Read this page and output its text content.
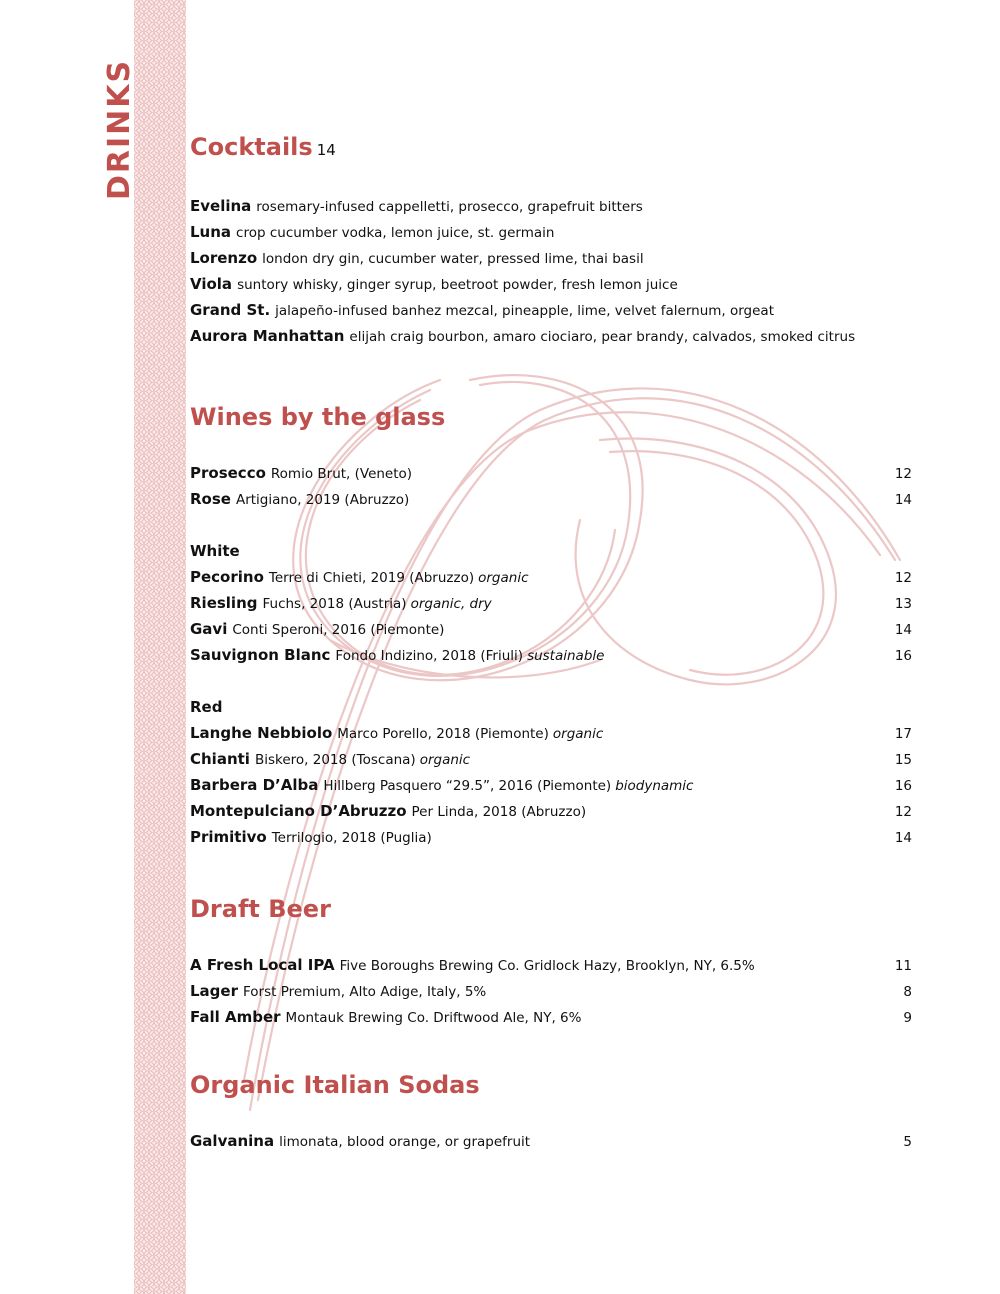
DRINKS Cocktails 14
Evelina rosemary-infused cappelletti, prosecco, grapefruit bitters
Luna crop cucumber vodka, lemon juice, st. germain
Lorenzo london dry gin, cucumber water, pressed lime, thai basil
Viola suntory whisky, ginger syrup, beetroot powder, fresh lemon juice
Grand St. jalapeño-infused banhez mezcal, pineapple, lime, velvet falernum, orgeat
Aurora Manhattan elijah craig bourbon, amaro ciociaro, pear brandy, calvados, smoked citrus
Wines by the glass
Prosecco Romio Brut, (Veneto)	12
Rose Artigiano, 2019 (Abruzzo)	14
White
Pecorino Terre di Chieti, 2019 (Abruzzo) organic	12
Riesling Fuchs, 2018 (Austria) organic, dry	13
Gavi Conti Speroni, 2016 (Piemonte)	14
Sauvignon Blanc Fondo Indizino, 2018 (Friuli) sustainable	16
Red
Langhe Nebbiolo Marco Porello, 2018 (Piemonte) organic	17
Chianti Biskero, 2018 (Toscana) organic	15
Barbera D’Alba Hillberg Pasquero “29.5”, 2016 (Piemonte) biodynamic	16
Montepulciano D’Abruzzo Per Linda, 2018 (Abruzzo)	12
Primitivo Terrilogio, 2018 (Puglia)	14
Draft Beer
A Fresh Local IPA Five Boroughs Brewing Co. Gridlock Hazy, Brooklyn, NY, 6.5%	11
Lager Forst Premium, Alto Adige, Italy, 5%	8
Fall Amber Montauk Brewing Co. Driftwood Ale, NY, 6%	9
Organic Italian Sodas
Galvanina limonata, blood orange, or grapefruit	5
